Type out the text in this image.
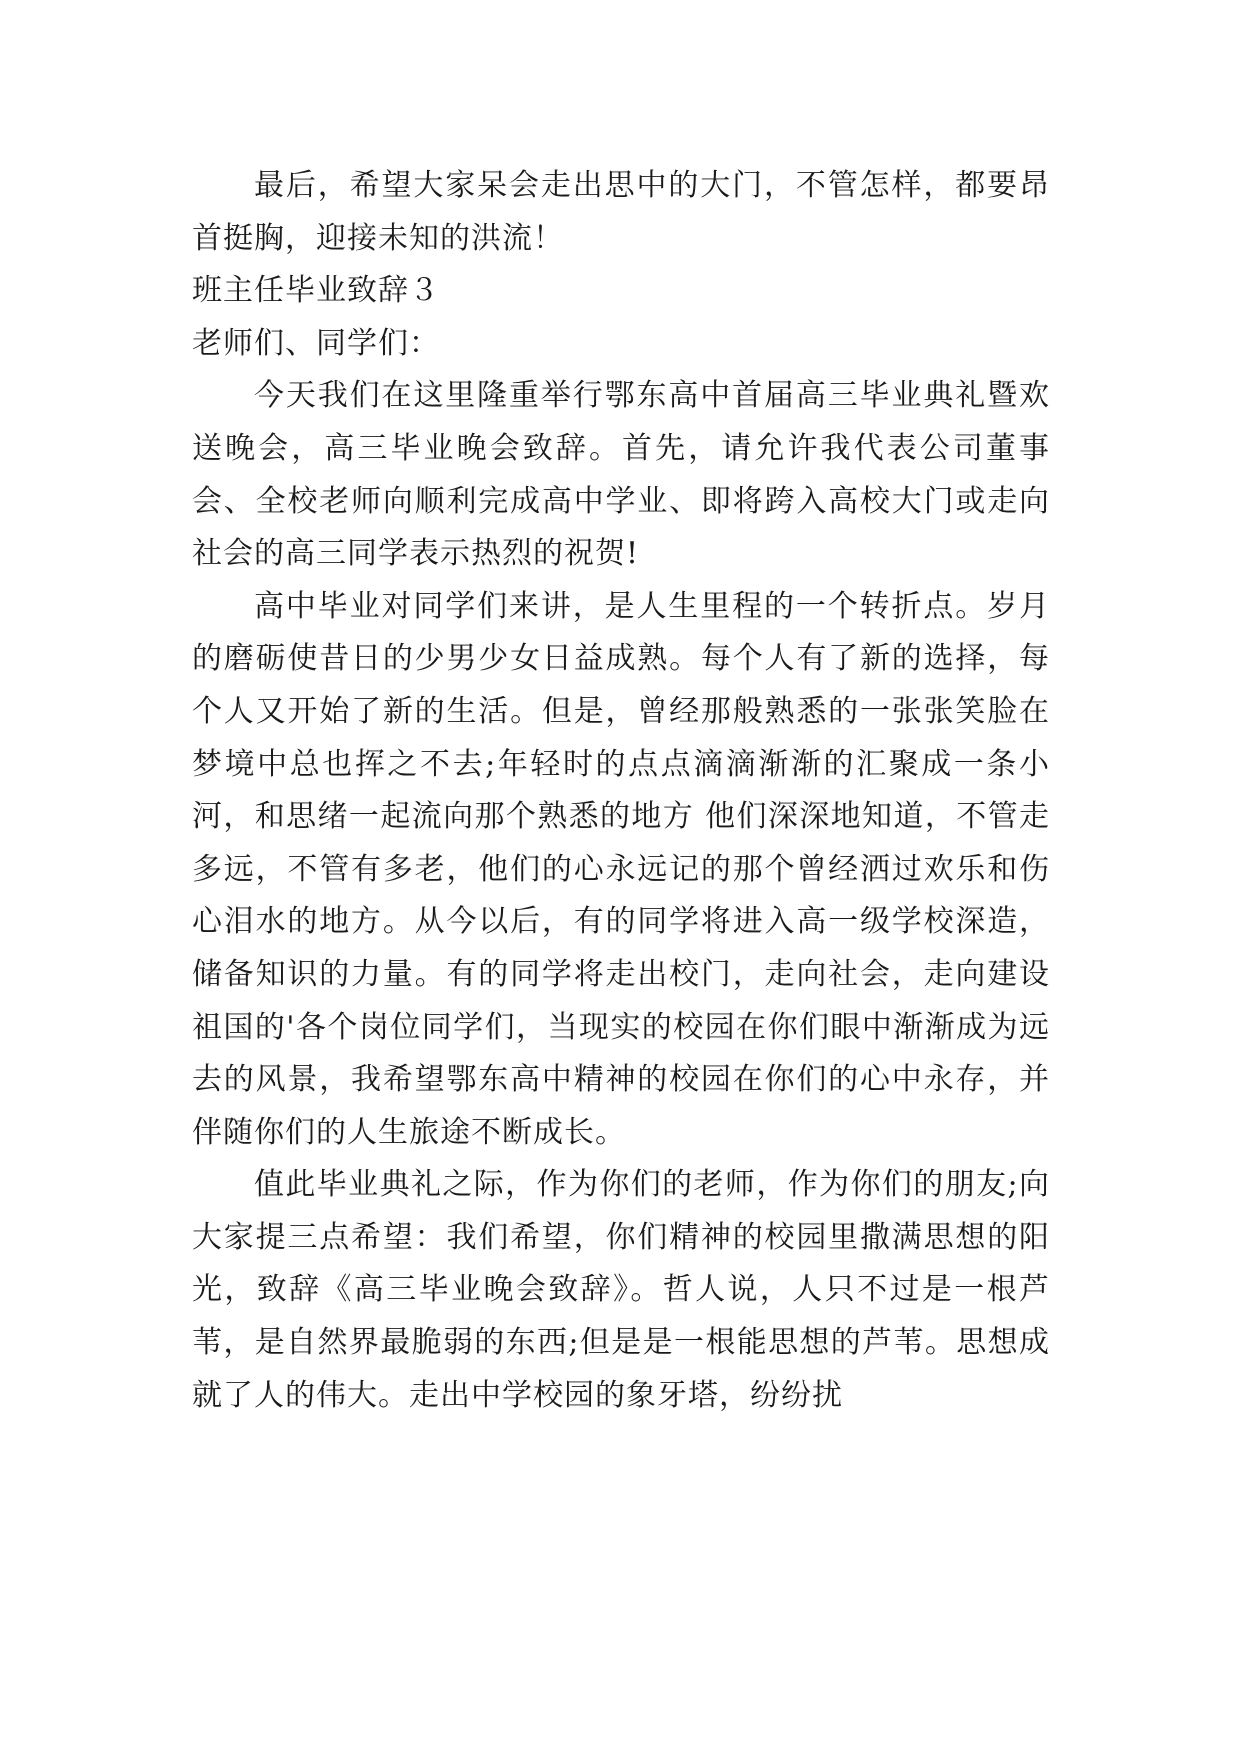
最后，希望大家呆会走出思中的大门，不管怎样，都要昂首挺胸，迎接未知的洪流！

班主任毕业致辞３

老师们、同学们：

今天我们在这里隆重举行鄂东高中首届高三毕业典礼暨欢送晚会，高三毕业晚会致辞。首先，请允许我代表公司董事会、全校老师向顺利完成高中学业、即将跨入高校大门或走向社会的高三同学表示热烈的祝贺!

高中毕业对同学们来讲，是人生里程的一个转折点。岁月的磨砺使昔日的少男少女日益成熟。每个人有了新的选择，每个人又开始了新的生活。但是，曾经那般熟悉的一张张笑脸在梦境中总也挥之不去;年轻时的点点滴滴渐渐的汇聚成一条小河，和思绪一起流向那个熟悉的地方 他们深深地知道，不管走多远，不管有多老，他们的心永远记的那个曾经洒过欢乐和伤心泪水的地方。从今以后，有的同学将进入高一级学校深造，储备知识的力量。有的同学将走出校门，走向社会，走向建设祖国的'各个岗位同学们，当现实的校园在你们眼中渐渐成为远去的风景，我希望鄂东高中精神的校园在你们的心中永存，并伴随你们的人生旅途不断成长。

值此毕业典礼之际，作为你们的老师，作为你们的朋友;向大家提三点希望：我们希望，你们精神的校园里撒满思想的阳光，致辞《高三毕业晚会致辞》。哲人说，人只不过是一根芦苇，是自然界最脆弱的东西;但是是一根能思想的芦苇。思想成就了人的伟大。走出中学校园的象牙塔，纷纷扰
